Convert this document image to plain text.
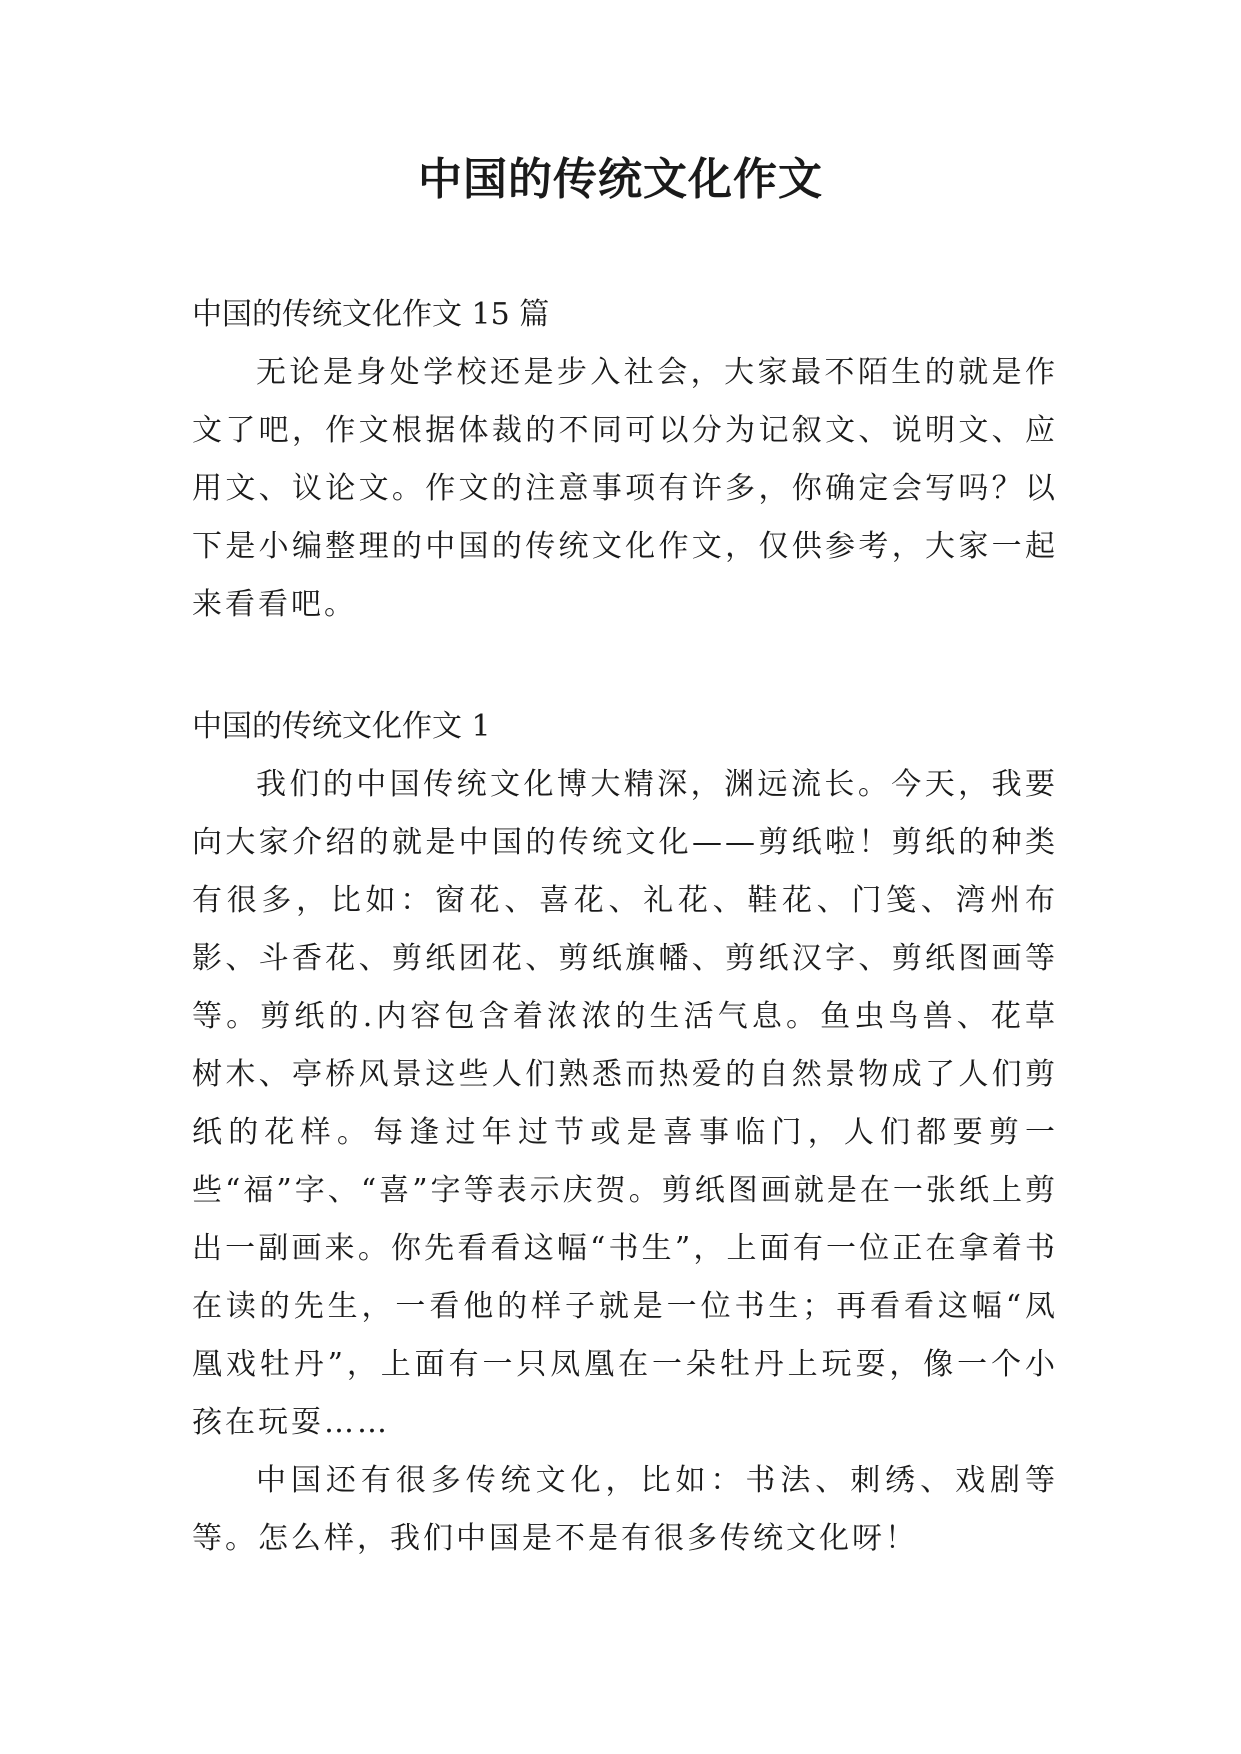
中国的传统文化作文

中国的传统文化作文 15 篇

无论是身处学校还是步入社会，大家最不陌生的就是作文了吧，作文根据体裁的不同可以分为记叙文、说明文、应用文、议论文。作文的注意事项有许多，你确定会写吗？以下是小编整理的中国的传统文化作文，仅供参考，大家一起来看看吧。

中国的传统文化作文 1

我们的中国传统文化博大精深，渊远流长。今天，我要向大家介绍的就是中国的传统文化——剪纸啦！剪纸的种类有很多，比如：窗花、喜花、礼花、鞋花、门笺、湾州布影、斗香花、剪纸团花、剪纸旗幡、剪纸汉字、剪纸图画等等。剪纸的.内容包含着浓浓的生活气息。鱼虫鸟兽、花草树木、亭桥风景这些人们熟悉而热爱的自然景物成了人们剪纸的花样。每逢过年过节或是喜事临门，人们都要剪一些“福”字、“喜”字等表示庆贺。剪纸图画就是在一张纸上剪出一副画来。你先看看这幅“书生”，上面有一位正在拿着书在读的先生，一看他的样子就是一位书生；再看看这幅“凤凰戏牡丹”，上面有一只凤凰在一朵牡丹上玩耍，像一个小孩在玩耍……

中国还有很多传统文化，比如：书法、刺绣、戏剧等等。怎么样，我们中国是不是有很多传统文化呀！
